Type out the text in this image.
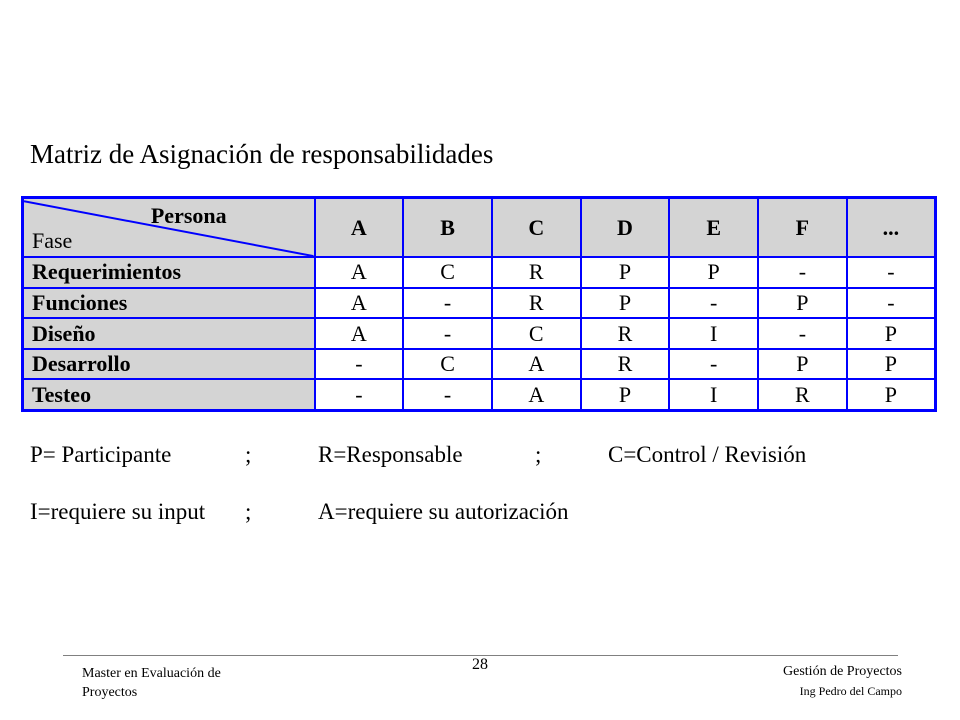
Matriz de Asignación de responsabilidades
Persona
Fase	A	B	C	D	E	F	...
Requerimientos	A	C	R	P	P	-	-
Funciones	A	-	R	P	-	P	-
Diseño	A	-	C	R	I	-	P
Desarrollo	-	C	A	R	-	P	P
Testeo	-	-	A	P	I	R	P
P= Participante	;	R=Responsable	;	C=Control / Revisión
I=requiere su input ;	A=requiere su autorización
Master en Evaluación de Proyectos
28	Gestión de Proyectos
Ing Pedro del Campo
